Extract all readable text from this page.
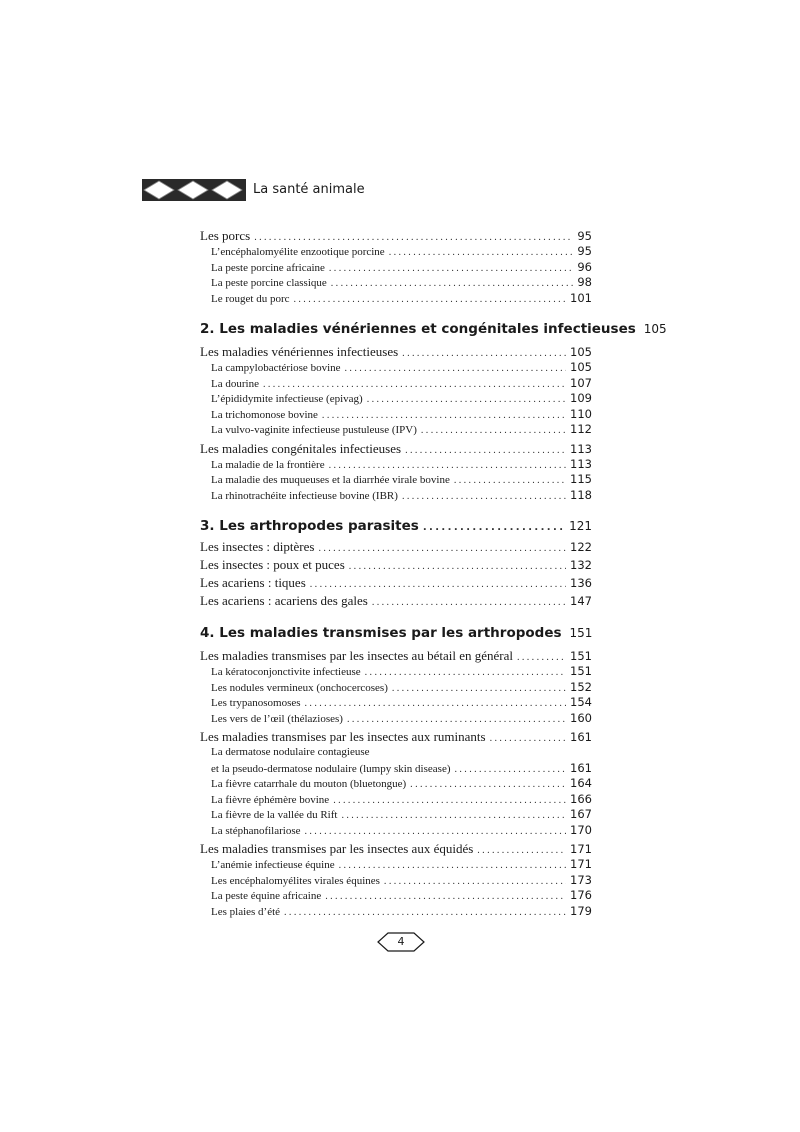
La santé animale
Les porcs .....	95
L’encéphalomyélite enzootique porcine .....	95
La peste porcine africaine .....	96
La peste porcine classique .....	98
Le rouget du porc .....	101
2. Les maladies vénériennes et congénitales infectieuses 105
Les maladies vénériennes infectieuses .....	105
La campylobactériose bovine .....	105
La dourine .....	107
L’épididymite infectieuse (epivag) .....	109
La trichomonose bovine .....	110
La vulvo-vaginite infectieuse pustuleuse (IPV) .....	112
Les maladies congénitales infectieuses .....	113
La maladie de la frontière .....	113
La maladie des muqueuses et la diarrhée virale bovine .....	115
La rhinotrachéite infectieuse bovine (IBR) .....	118
3. Les arthropodes parasites .....	121
Les insectes : diptères .....	122
Les insectes : poux et puces .....	132
Les acariens : tiques .....	136
Les acariens : acariens des gales .....	147
4. Les maladies transmises par les arthropodes 151
Les maladies transmises par les insectes au bétail en général .....	151
La kératoconjonctivite infectieuse .....	151
Les nodules vermineux (onchocercoses) .....	152
Les trypanosomoses .....	154
Les vers de l’œil (thélazioses) .....	160
Les maladies transmises par les insectes aux ruminants .....	161
La dermatose nodulaire contagieuse
et la pseudo-dermatose nodulaire (lumpy skin disease) .....	161
La fièvre catarrhale du mouton (bluetongue) .....	164
La fièvre éphémère bovine .....	166
La fièvre de la vallée du Rift .....	167
La stéphanofilariose .....	170
Les maladies transmises par les insectes aux équidés .....	171
L’anémie infectieuse équine .....	171
Les encéphalomyélites virales équines .....	173
La peste équine africaine .....	176
Les plaies d’été .....	179
4
